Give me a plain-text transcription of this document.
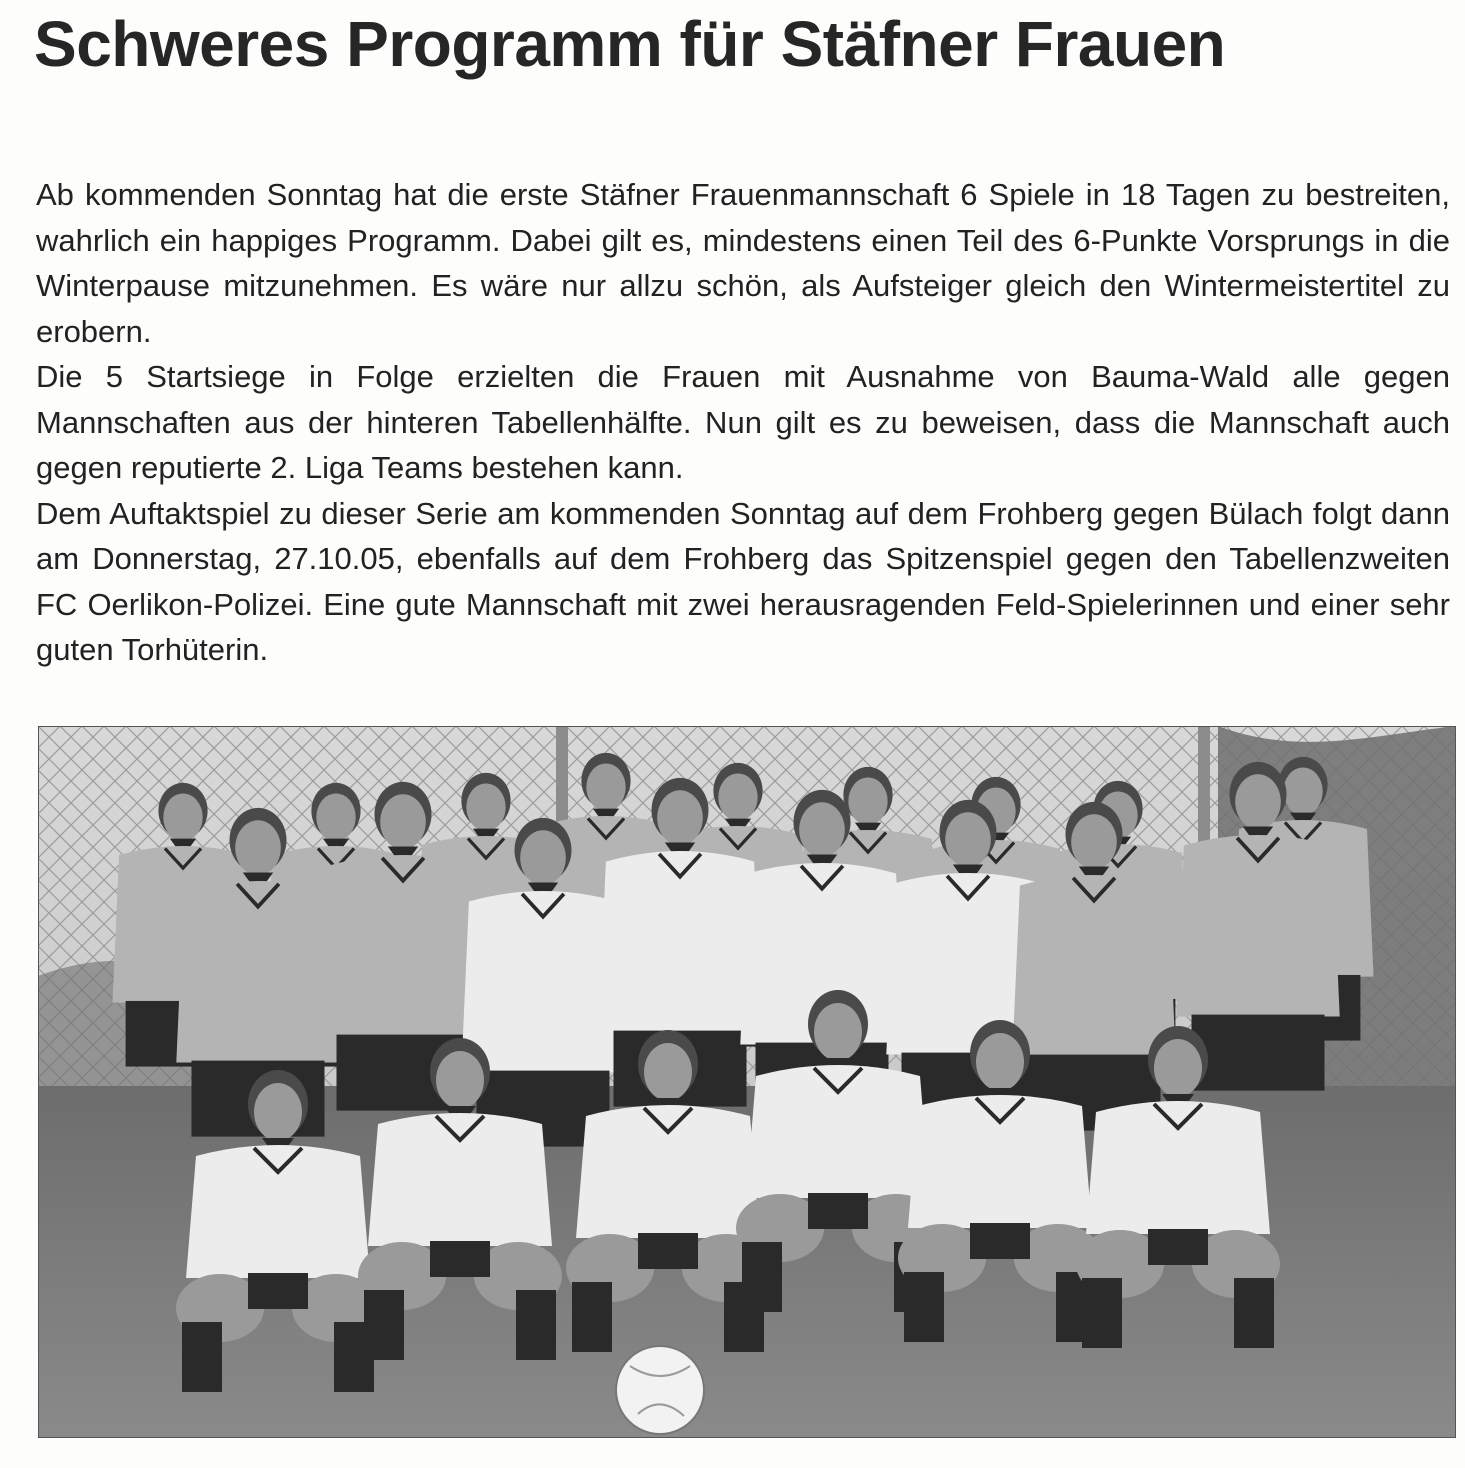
Schweres Programm für Stäfner Frauen

Ab kommenden Sonntag hat die erste Stäfner Frauenmannschaft 6 Spiele in 18 Tagen zu bestreiten, wahrlich ein happiges Programm. Dabei gilt es, mindestens einen Teil des 6-Punkte Vorsprungs in die Winterpause mitzunehmen. Es wäre nur allzu schön, als Aufsteiger gleich den Wintermeistertitel zu erobern.

Die 5 Startsiege in Folge erzielten die Frauen mit Ausnahme von Bauma-Wald alle gegen Mannschaften aus der hinteren Tabellenhälfte. Nun gilt es zu beweisen, dass die Mannschaft auch gegen reputierte 2. Liga Teams bestehen kann.

Dem Auftaktspiel zu dieser Serie am kommenden Sonntag auf dem Frohberg gegen Bülach folgt dann am Donnerstag, 27.10.05, ebenfalls auf dem Frohberg das Spitzenspiel gegen den Tabellenzweiten FC Oerlikon-Polizei. Eine gute Mannschaft mit zwei herausragenden Feld-Spielerinnen und einer sehr guten Torhüterin.
